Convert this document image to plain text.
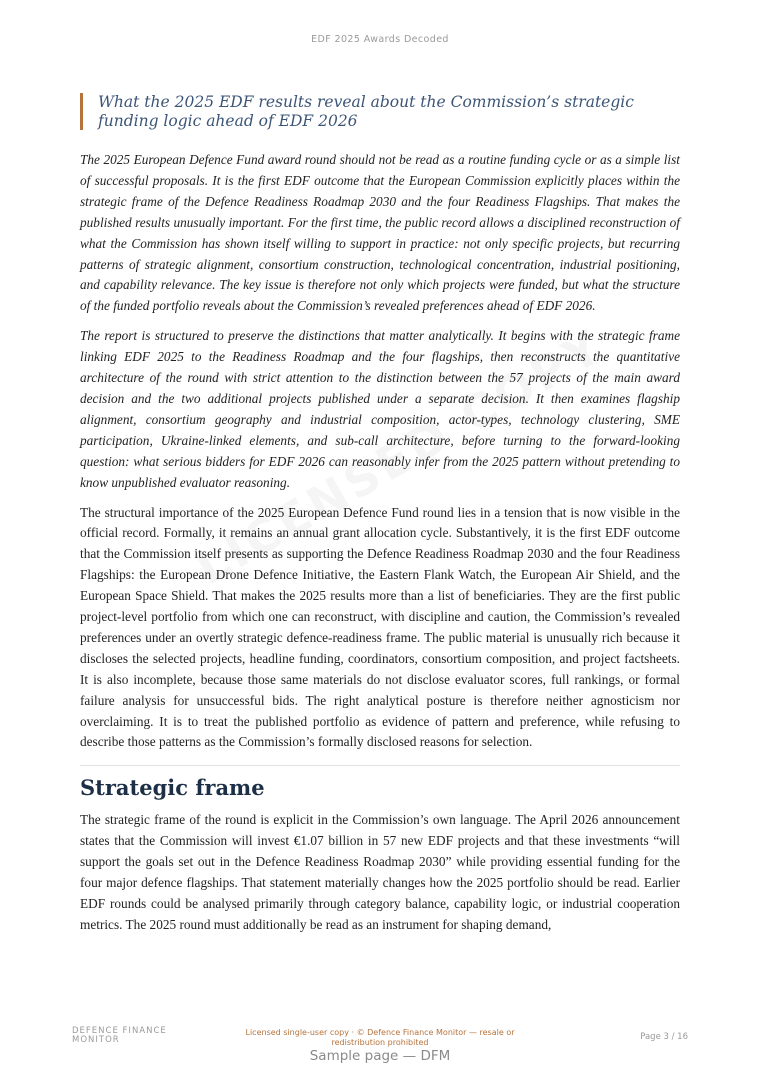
EDF 2025 Awards Decoded
What the 2025 EDF results reveal about the Commission’s strategic funding logic ahead of EDF 2026

The 2025 European Defence Fund award round should not be read as a routine funding cycle or as a simple list of successful proposals. It is the first EDF outcome that the European Commission explicitly places within the strategic frame of the Defence Readiness Roadmap 2030 and the four Readiness Flagships. That makes the published results unusually important. For the first time, the public record allows a disciplined reconstruction of what the Commission has shown itself willing to support in practice: not only specific projects, but recurring patterns of strategic alignment, consortium construction, technological concentration, industrial positioning, and capability relevance. The key issue is therefore not only which projects were funded, but what the structure of the funded portfolio reveals about the Commission’s revealed preferences ahead of EDF 2026.

The report is structured to preserve the distinctions that matter analytically. It begins with the strategic frame linking EDF 2025 to the Readiness Roadmap and the four flagships, then reconstructs the quantitative architecture of the round with strict attention to the distinction between the 57 projects of the main award decision and the two additional projects published under a separate decision. It then examines flagship alignment, consortium geography and industrial composition, actor-types, technology clustering, SME participation, Ukraine-linked elements, and sub-call architecture, before turning to the forward-looking question: what serious bidders for EDF 2026 can reasonably infer from the 2025 pattern without pretending to know unpublished evaluator reasoning.

The structural importance of the 2025 European Defence Fund round lies in a tension that is now visible in the official record. Formally, it remains an annual grant allocation cycle. Substantively, it is the first EDF outcome that the Commission itself presents as supporting the Defence Readiness Roadmap 2030 and the four Readiness Flagships: the European Drone Defence Initiative, the Eastern Flank Watch, the European Air Shield, and the European Space Shield. That makes the 2025 results more than a list of beneficiaries. They are the first public project-level portfolio from which one can reconstruct, with discipline and caution, the Commission’s revealed preferences under an overtly strategic defence-readiness frame. The public material is unusually rich because it discloses the selected projects, headline funding, coordinators, consortium composition, and project factsheets. It is also incomplete, because those same materials do not disclose evaluator scores, full rankings, or formal failure analysis for unsuccessful bids. The right analytical posture is therefore neither agnosticism nor overclaiming. It is to treat the published portfolio as evidence of pattern and preference, while refusing to describe those patterns as the Commission’s formally disclosed reasons for selection.

Strategic frame

The strategic frame of the round is explicit in the Commission’s own language. The April 2026 announcement states that the Commission will invest €1.07 billion in 57 new EDF projects and that these investments “will support the goals set out in the Defence Readiness Roadmap 2030” while providing essential funding for the four major defence flagships. That statement materially changes how the 2025 portfolio should be read. Earlier EDF rounds could be analysed primarily through category balance, capability logic, or industrial cooperation metrics. The 2025 round must additionally be read as an instrument for shaping demand,

DEFENCE FINANCE
MONITOR
Licensed single-user copy · © Defence Finance Monitor — resale or redistribution prohibited	Page 3 / 16
Sample page — DFM
